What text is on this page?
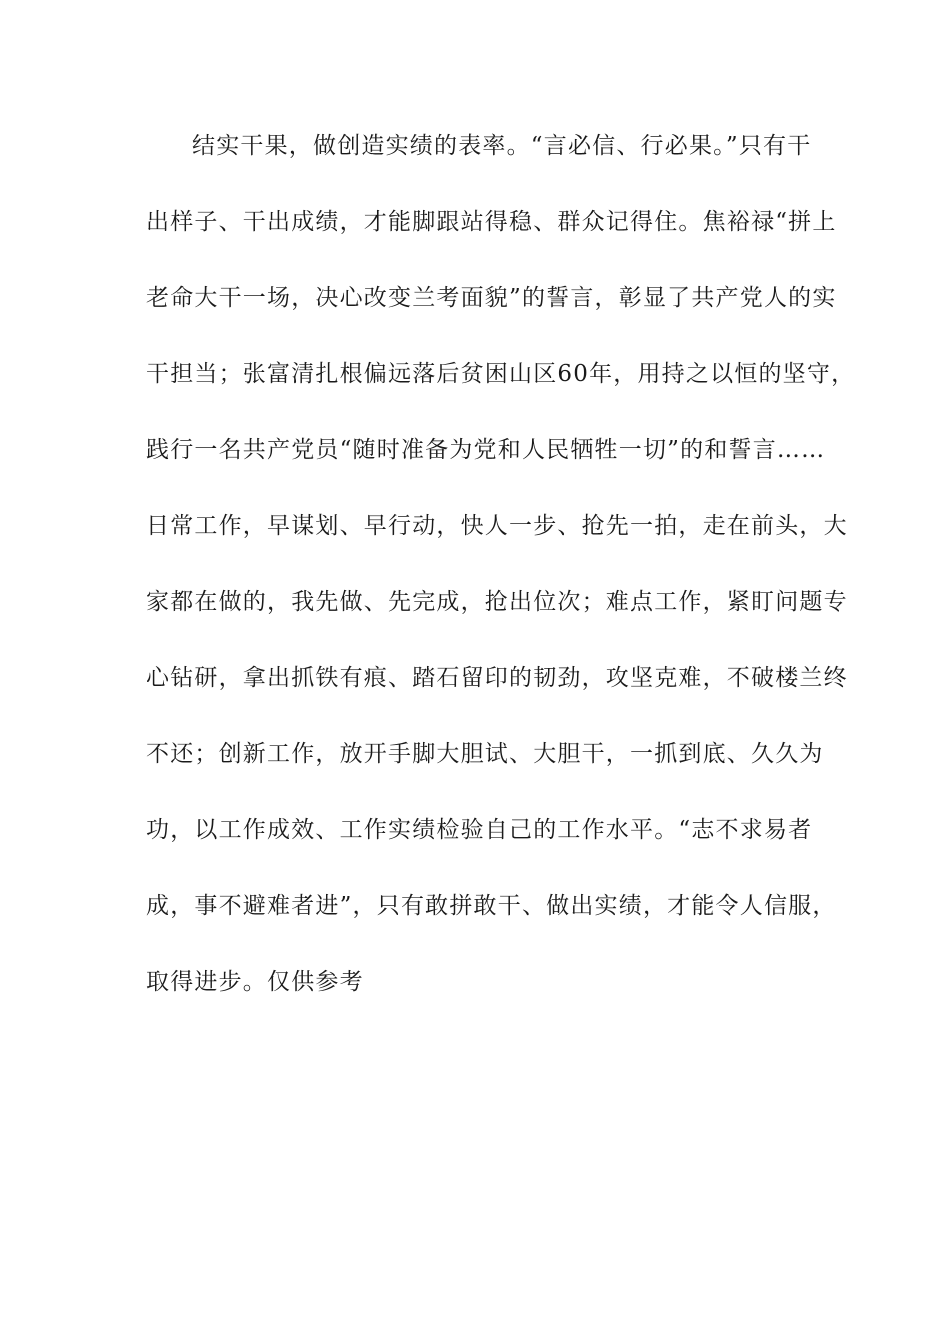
结实干果，做创造实绩的表率。“言必信、行必果。”只有干
出样子、干出成绩，才能脚跟站得稳、群众记得住。焦裕禄“拼上
老命大干一场，决心改变兰考面貌”的誓言，彰显了共产党人的实
干担当；张富清扎根偏远落后贫困山区60年，用持之以恒的坚守，
践行一名共产党员“随时准备为党和人民牺牲一切”的和誓言……
日常工作，早谋划、早行动，快人一步、抢先一拍，走在前头，大
家都在做的，我先做、先完成，抢出位次；难点工作，紧盯问题专
心钻研，拿出抓铁有痕、踏石留印的韧劲，攻坚克难，不破楼兰终
不还；创新工作，放开手脚大胆试、大胆干，一抓到底、久久为
功，以工作成效、工作实绩检验自己的工作水平。“志不求易者
成，事不避难者进”，只有敢拼敢干、做出实绩，才能令人信服，
取得进步。仅供参考
